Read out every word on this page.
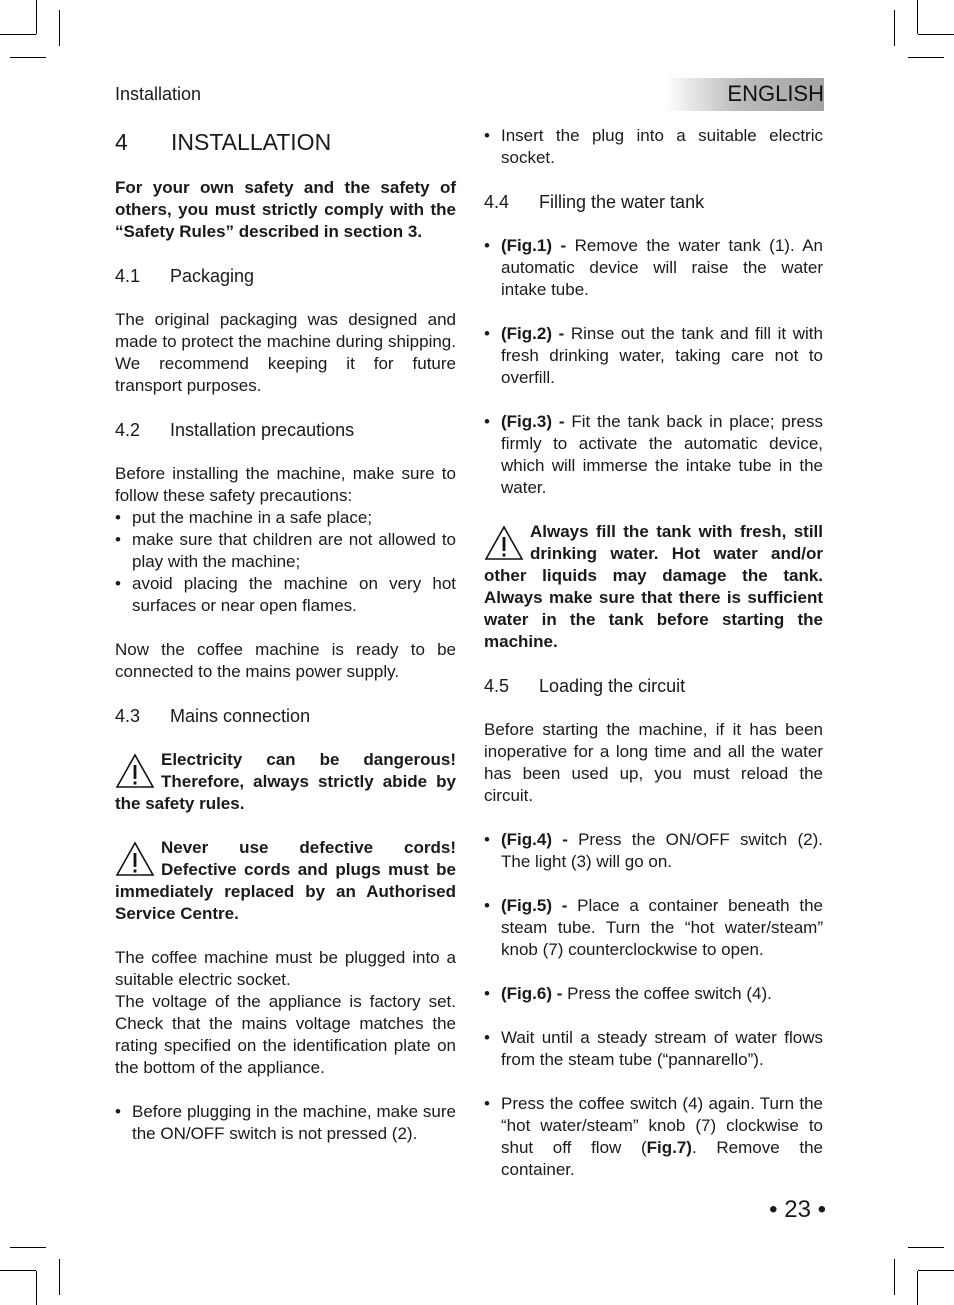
Installation	ENGLISH
4	INSTALLATION

For your own safety and the safety of others, you must strictly comply with the “Safety Rules” described in section 3.

4.1	Packaging

The original packaging was designed and made to protect the machine during shipping. We recommend keeping it for future transport purposes.

4.2	Installation precautions

Before installing the machine, make sure to follow these safety precautions:

• put the machine in a safe place;
• make sure that children are not allowed to play with the machine;
• avoid placing the machine on very hot surfaces or near open flames.

Now the coffee machine is ready to be connected to the mains power supply.

4.3	Mains connection
Electricity can be dangerous! Therefore, always strictly abide by the safety rules.
Never use defective cords! Defective cords and plugs must be immediately replaced by an Authorised Service Centre.

The coffee machine must be plugged into a suitable electric socket.

The voltage of the appliance is factory set. Check that the mains voltage matches the rating specified on the identification plate on the bottom of the appliance.

• Before plugging in the machine, make sure the ON/OFF switch is not pressed (2).
• Insert the plug into a suitable electric socket.
4.4	Filling the water tank
• (Fig.1) - Remove the water tank (1). An automatic device will raise the water intake tube.
• (Fig.2) - Rinse out the tank and fill it with fresh drinking water, taking care not to overfill.
• (Fig.3) - Fit the tank back in place; press firmly to activate the automatic device, which will immerse the intake tube in the water.
Always fill the tank with fresh, still drinking water. Hot water and/or other liquids may damage the tank. Always make sure that there is sufficient water in the tank before starting the machine.
4.5	Loading the circuit

Before starting the machine, if it has been inoperative for a long time and all the water has been used up, you must reload the circuit.

• (Fig.4) - Press the ON/OFF switch (2). The light (3) will go on.
• (Fig.5) - Place a container beneath the steam tube. Turn the “hot water/steam” knob (7) counterclockwise to open.
• (Fig.6) - Press the coffee switch (4).
• Wait until a steady stream of water flows from the steam tube (“pannarello”).
• Press the coffee switch (4) again. Turn the “hot water/steam” knob (7) clockwise to shut off flow (Fig.7). Remove the container.
• 23 •
